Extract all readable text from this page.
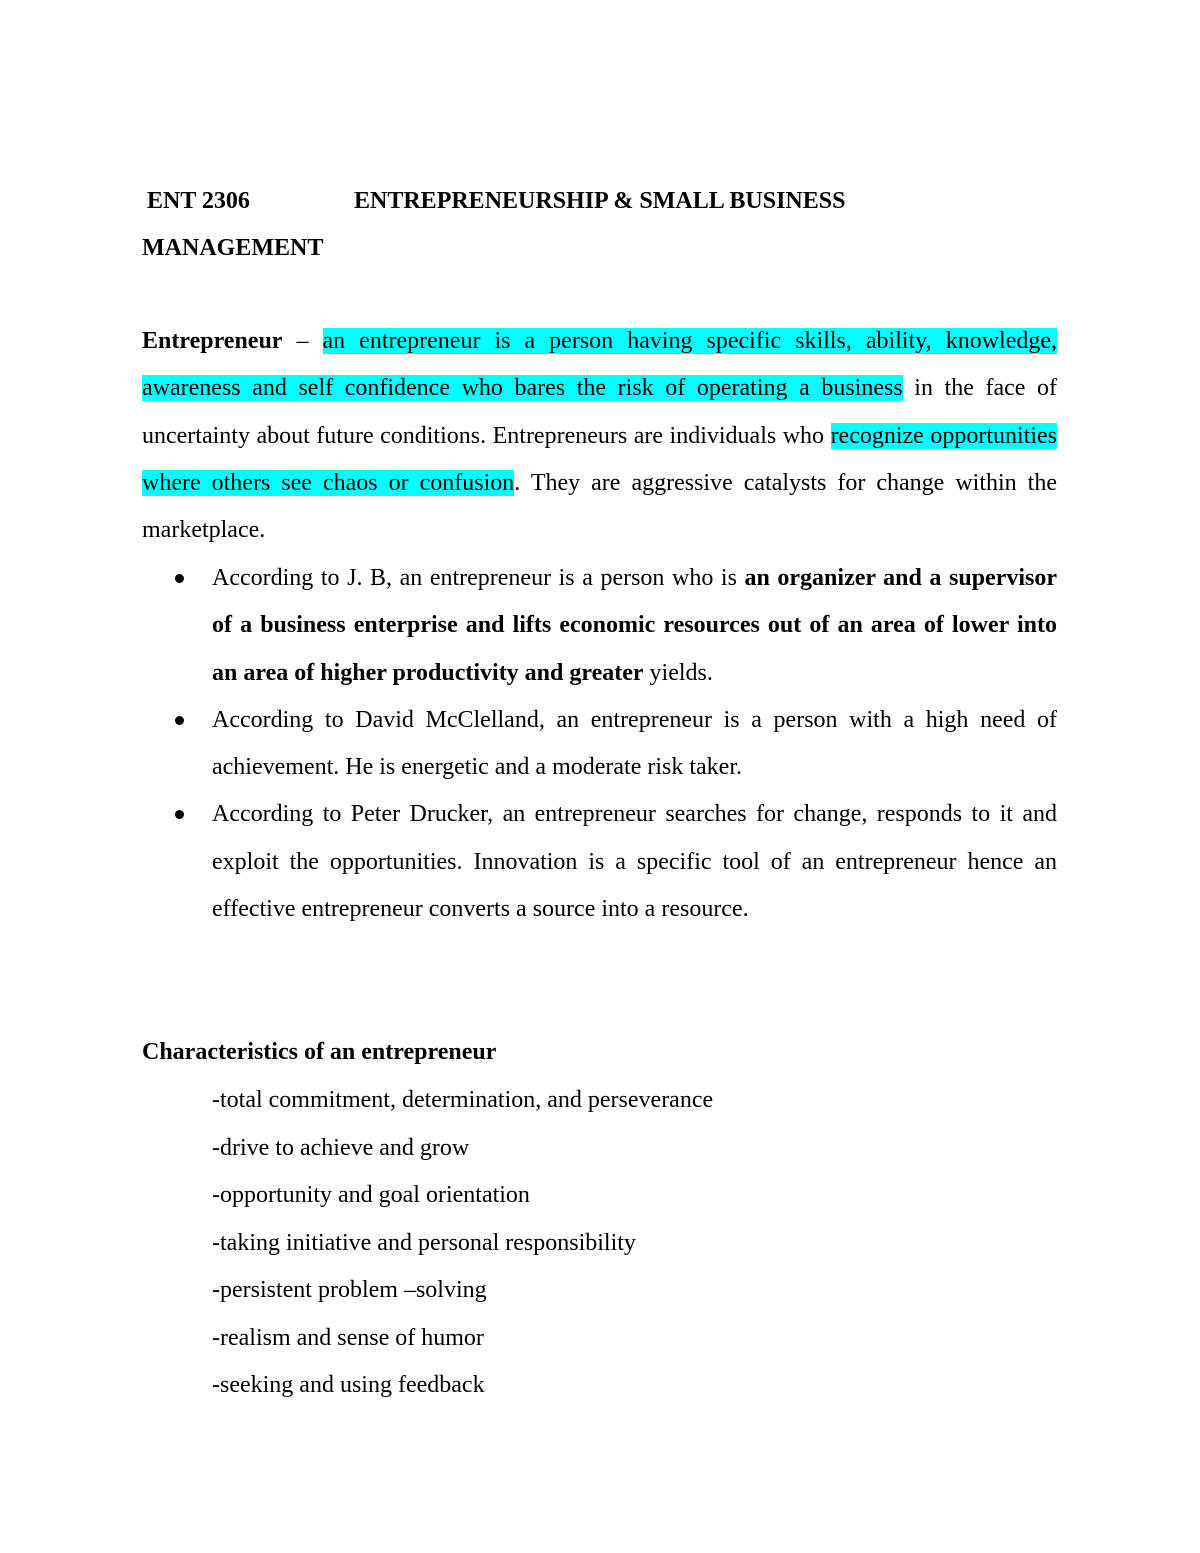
ENT 2306	ENTREPRENEURSHIP & SMALL BUSINESS
MANAGEMENT

Entrepreneur – an entrepreneur is a person having specific skills, ability, knowledge, awareness and self confidence who bares the risk of operating a business in the face of uncertainty about future conditions. Entrepreneurs are individuals who recognize opportunities where others see chaos or confusion. They are aggressive catalysts for change within the marketplace.

According to J. B, an entrepreneur is a person who is an organizer and a supervisor of a business enterprise and lifts economic resources out of an area of lower into an area of higher productivity and greater yields.
According to David McClelland, an entrepreneur is a person with a high need of achievement. He is energetic and a moderate risk taker.
According to Peter Drucker, an entrepreneur searches for change, responds to it and exploit the opportunities. Innovation is a specific tool of an entrepreneur hence an effective entrepreneur converts a source into a resource.
Characteristics of an entrepreneur
-total commitment, determination, and perseverance
-drive to achieve and grow
-opportunity and goal orientation
-taking initiative and personal responsibility
-persistent problem –solving
-realism and sense of humor
-seeking and using feedback
